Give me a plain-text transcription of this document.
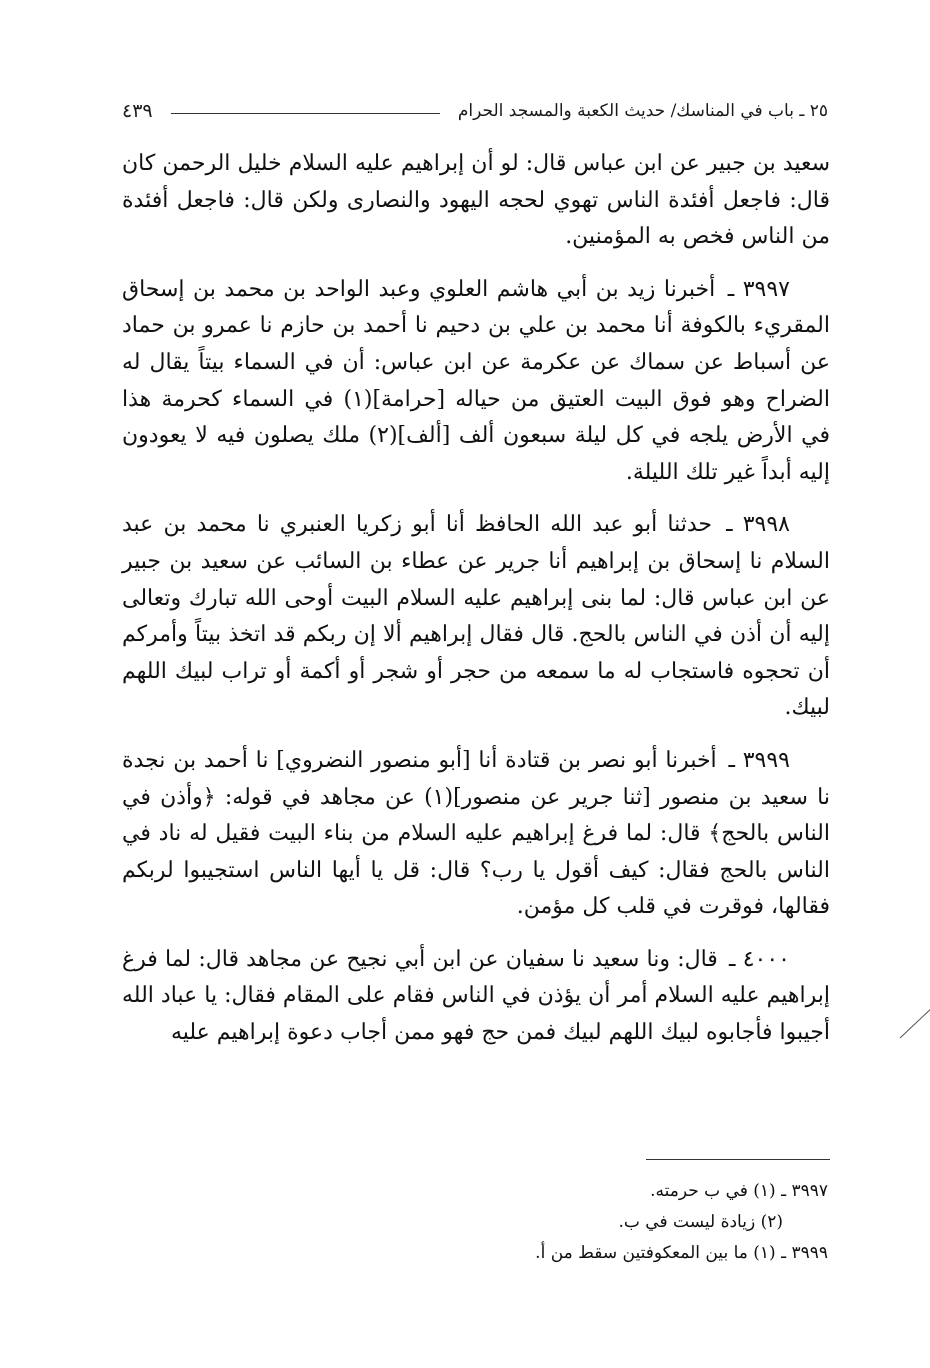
٢٥ ـ باب في المناسك/ حديث الكعبة والمسجد الحرام
٤٣٩

سعيد بن جبير عن ابن عباس قال: لو أن إبراهيم عليه السلام خليل الرحمن كان قال: فاجعل أفئدة الناس تهوي لحجه اليهود والنصارى ولكن قال: فاجعل أفئدة من الناس فخص به المؤمنين.

٣٩٩٧ ـ أخبرنا زيد بن أبي هاشم العلوي وعبد الواحد بن محمد بن إسحاق المقريء بالكوفة أنا محمد بن علي بن دحيم نا أحمد بن حازم نا عمرو بن حماد عن أسباط عن سماك عن عكرمة عن ابن عباس: أن في السماء بيتاً يقال له الضراح وهو فوق البيت العتيق من حياله [حرامة](١) في السماء كحرمة هذا في الأرض يلجه في كل ليلة سبعون ألف [ألف](٢) ملك يصلون فيه لا يعودون إليه أبداً غير تلك الليلة.

٣٩٩٨ ـ حدثنا أبو عبد الله الحافظ أنا أبو زكريا العنبري نا محمد بن عبد السلام نا إسحاق بن إبراهيم أنا جرير عن عطاء بن السائب عن سعيد بن جبير عن ابن عباس قال: لما بنى إبراهيم عليه السلام البيت أوحى الله تبارك وتعالى إليه أن أذن في الناس بالحج. قال فقال إبراهيم ألا إن ربكم قد اتخذ بيتاً وأمركم أن تحجوه فاستجاب له ما سمعه من حجر أو شجر أو أكمة أو تراب لبيك اللهم لبيك.

٣٩٩٩ ـ أخبرنا أبو نصر بن قتادة أنا [أبو منصور النضروي] نا أحمد بن نجدة نا سعيد بن منصور [ثنا جرير عن منصور](١) عن مجاهد في قوله: ﴿وأذن في الناس بالحج﴾ قال: لما فرغ إبراهيم عليه السلام من بناء البيت فقيل له ناد في الناس بالحج فقال: كيف أقول يا رب؟ قال: قل يا أيها الناس استجيبوا لربكم فقالها، فوقرت في قلب كل مؤمن.

٤٠٠٠ ـ قال: ونا سعيد نا سفيان عن ابن أبي نجيح عن مجاهد قال: لما فرغ إبراهيم عليه السلام أمر أن يؤذن في الناس فقام على المقام فقال: يا عباد الله أجيبوا فأجابوه لبيك اللهم لبيك فمن حج فهو ممن أجاب دعوة إبراهيم عليه

٣٩٩٧ ـ (١) في ب حرمته.

(٢) زيادة ليست في ب.

٣٩٩٩ ـ (١) ما بين المعكوفتين سقط من أ.
